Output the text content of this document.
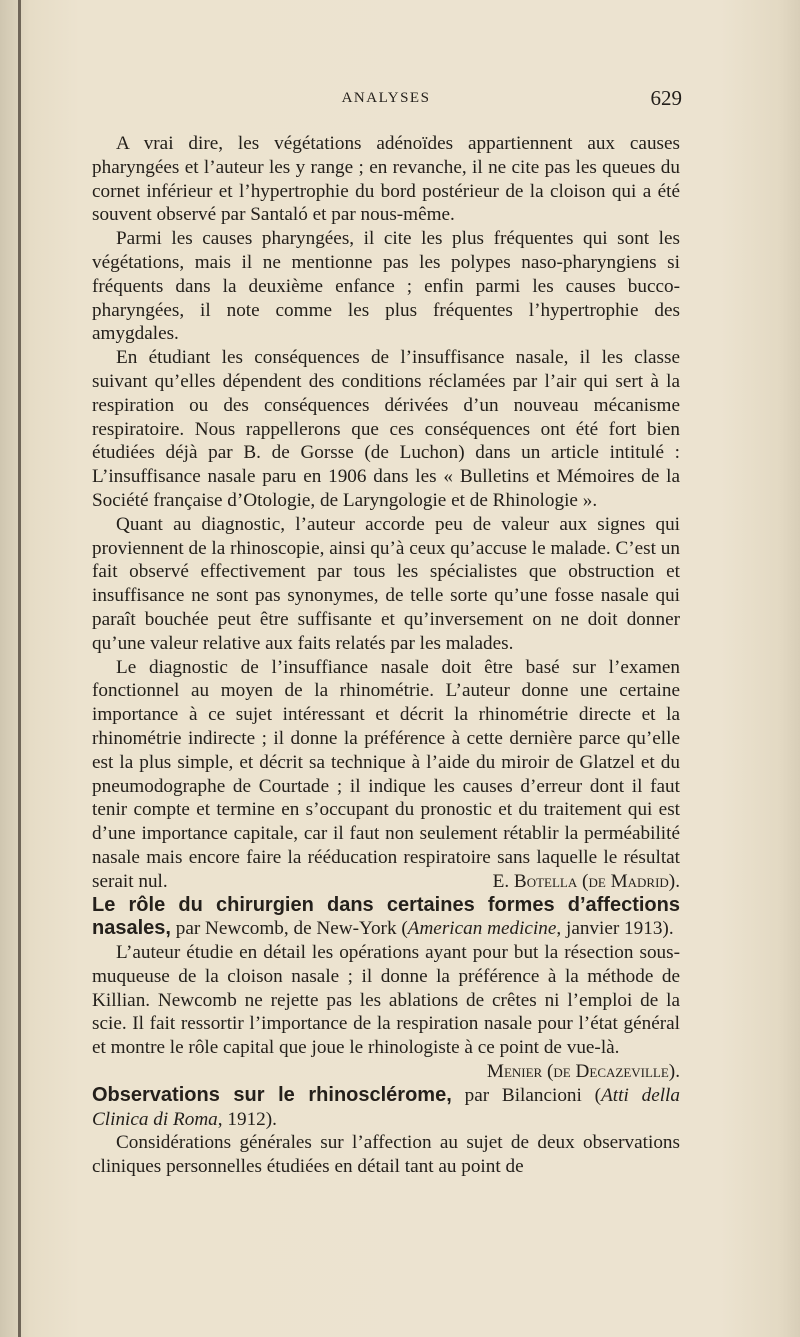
ANALYSES	629

A vrai dire, les végétations adénoïdes appartiennent aux causes pharyngées et l’auteur les y range ; en revanche, il ne cite pas les queues du cornet inférieur et l’hypertrophie du bord postérieur de la cloison qui a été souvent observé par Santaló et par nous-même.

Parmi les causes pharyngées, il cite les plus fréquentes qui sont les végétations, mais il ne mentionne pas les polypes naso-pharyngiens si fréquents dans la deuxième enfance ; enfin parmi les causes bucco-pharyngées, il note comme les plus fréquentes l’hypertrophie des amygdales.

En étudiant les conséquences de l’insuffisance nasale, il les classe suivant qu’elles dépendent des conditions réclamées par l’air qui sert à la respiration ou des conséquences dérivées d’un nouveau mécanisme respiratoire. Nous rappellerons que ces conséquences ont été fort bien étudiées déjà par B. de Gorsse (de Luchon) dans un article intitulé : L’insuffisance nasale paru en 1906 dans les « Bulletins et Mémoires de la Société française d’Otologie, de Laryngologie et de Rhinologie ».

Quant au diagnostic, l’auteur accorde peu de valeur aux signes qui proviennent de la rhinoscopie, ainsi qu’à ceux qu’accuse le malade. C’est un fait observé effectivement par tous les spécialistes que obstruction et insuffisance ne sont pas synonymes, de telle sorte qu’une fosse nasale qui paraît bouchée peut être suffisante et qu’inversement on ne doit donner qu’une valeur relative aux faits relatés par les malades.

Le diagnostic de l’insuffiance nasale doit être basé sur l’examen fonctionnel au moyen de la rhinométrie. L’auteur donne une certaine importance à ce sujet intéressant et décrit la rhinométrie directe et la rhinométrie indirecte ; il donne la préférence à cette dernière parce qu’elle est la plus simple, et décrit sa technique à l’aide du miroir de Glatzel et du pneumodographe de Courtade ; il indique les causes d’erreur dont il faut tenir compte et termine en s’occupant du pronostic et du traitement qui est d’une importance capitale, car il faut non seulement rétablir la perméabilité nasale mais encore faire la rééducation respiratoire sans laquelle le résultat serait nul.	E. Botella (de Madrid).

Le rôle du chirurgien dans certaines formes d’affections nasales, par Newcomb, de New-York (American medicine, janvier 1913).

L’auteur étudie en détail les opérations ayant pour but la résection sous-muqueuse de la cloison nasale ; il donne la préférence à la méthode de Killian. Newcomb ne rejette pas les ablations de crêtes ni l’emploi de la scie. Il fait ressortir l’importance de la respiration nasale pour l’état général et montre le rôle capital que joue le rhinologiste à ce point de vue-là.
Menier (de Decazeville).

Observations sur le rhinosclérome, par Bilancioni (Atti della Clinica di Roma, 1912).

Considérations générales sur l’affection au sujet de deux observations cliniques personnelles étudiées en détail tant au point de
